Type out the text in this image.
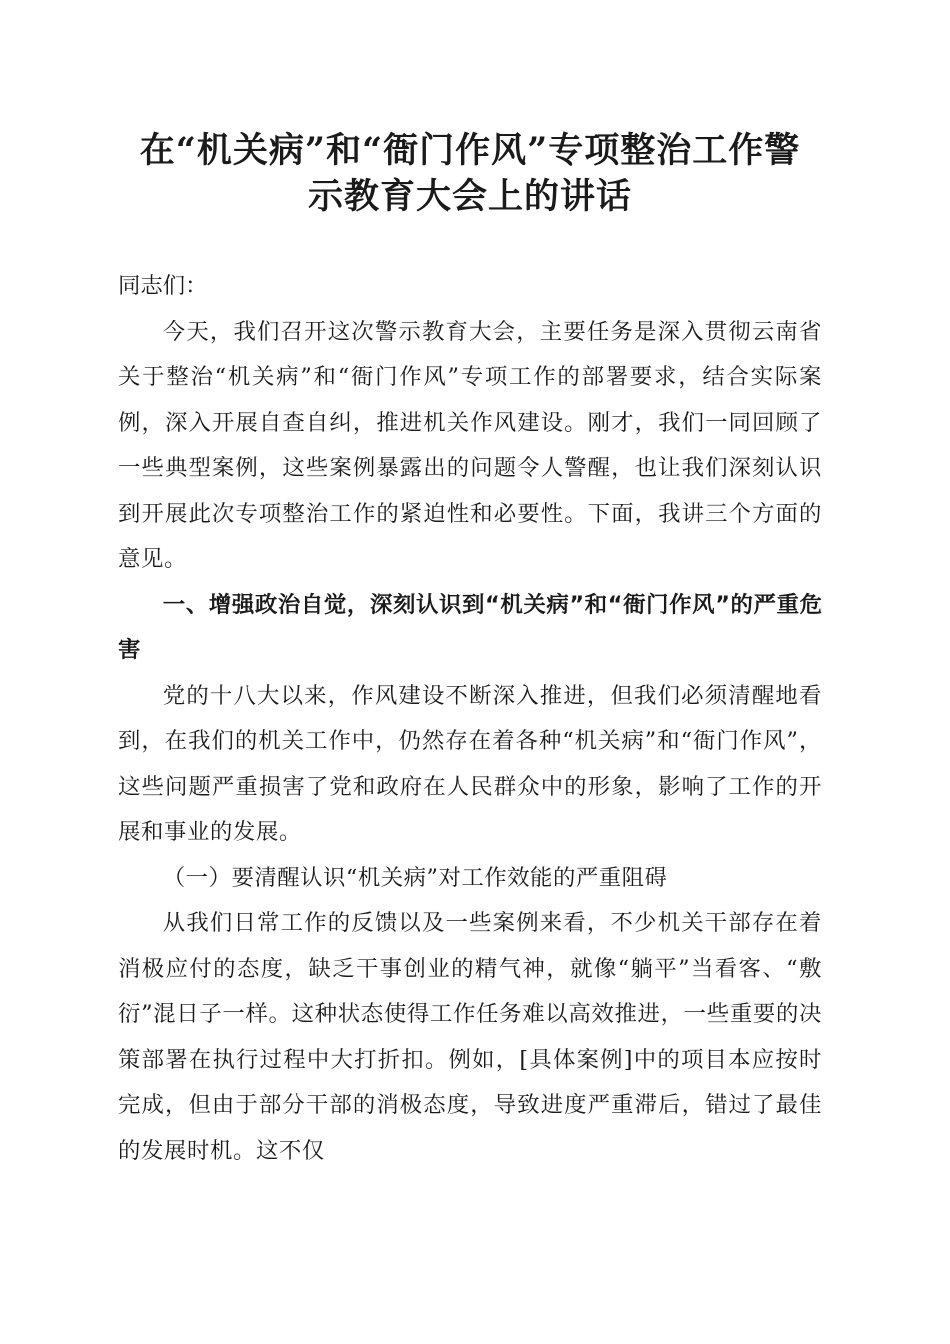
在“机关病”和“衙门作风”专项整治工作警
示教育大会上的讲话

同志们：

今天，我们召开这次警示教育大会，主要任务是深入贯彻云南省关于整治“机关病”和“衙门作风”专项工作的部署要求，结合实际案例，深入开展自查自纠，推进机关作风建设。刚才，我们一同回顾了一些典型案例，这些案例暴露出的问题令人警醒，也让我们深刻认识到开展此次专项整治工作的紧迫性和必要性。下面，我讲三个方面的意见。

一、增强政治自觉，深刻认识到“机关病”和“衙门作风”的严重危害

党的十八大以来，作风建设不断深入推进，但我们必须清醒地看到，在我们的机关工作中，仍然存在着各种“机关病”和“衙门作风”，这些问题严重损害了党和政府在人民群众中的形象，影响了工作的开展和事业的发展。

（一）要清醒认识“机关病”对工作效能的严重阻碍

从我们日常工作的反馈以及一些案例来看，不少机关干部存在着消极应付的态度，缺乏干事创业的精气神，就像“躺平”当看客、“敷衍”混日子一样。这种状态使得工作任务难以高效推进，一些重要的决策部署在执行过程中大打折扣。例如，[具体案例]中的项目本应按时完成，但由于部分干部的消极态度，导致进度严重滞后，错过了最佳的发展时机。这不仅
